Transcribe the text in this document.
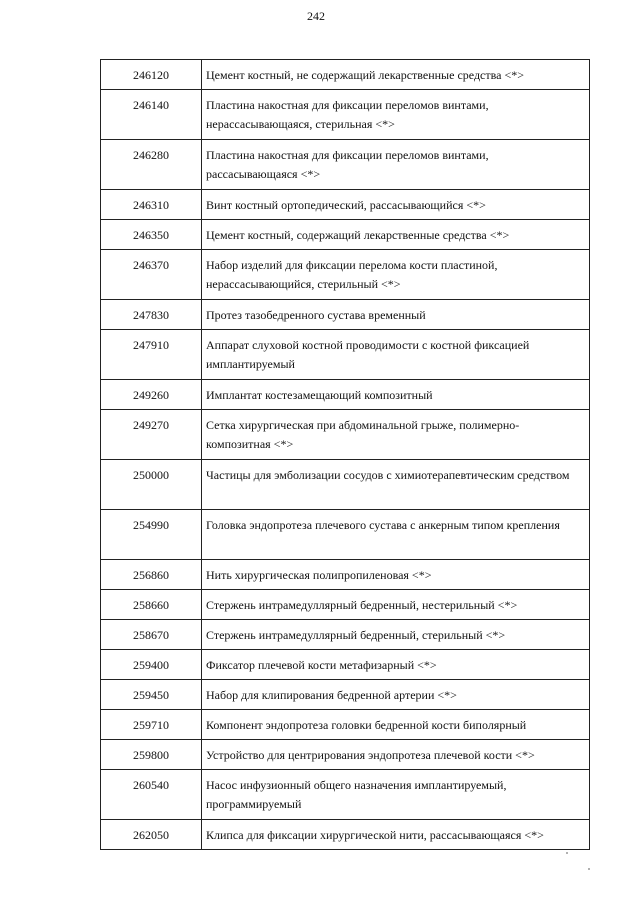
242
246120	Цемент костный, не содержащий лекарственные средства <*>
246140	Пластина накостная для фиксации переломов винтами, нерассасывающаяся, стерильная <*>
246280	Пластина накостная для фиксации переломов винтами, рассасывающаяся <*>
246310	Винт костный ортопедический, рассасывающийся <*>
246350	Цемент костный, содержащий лекарственные средства <*>
246370	Набор изделий для фиксации перелома кости пластиной, нерассасывающийся, стерильный <*>
247830	Протез тазобедренного сустава временный
247910	Аппарат слуховой костной проводимости с костной фиксацией имплантируемый
249260	Имплантат костезамещающий композитный
249270	Сетка хирургическая при абдоминальной грыже, полимерно-композитная <*>
250000	Частицы для эмболизации сосудов с химиотерапевтическим средством
254990	Головка эндопротеза плечевого сустава с анкерным типом крепления
256860	Нить хирургическая полипропиленовая <*>
258660	Стержень интрамедуллярный бедренный, нестерильный <*>
258670	Стержень интрамедуллярный бедренный, стерильный <*>
259400	Фиксатор плечевой кости метафизарный <*>
259450	Набор для клипирования бедренной артерии <*>
259710	Компонент эндопротеза головки бедренной кости биполярный
259800	Устройство для центрирования эндопротеза плечевой кости <*>
260540	Насос инфузионный общего назначения имплантируемый, программируемый
262050	Клипса для фиксации хирургической нити, рассасывающаяся <*>
